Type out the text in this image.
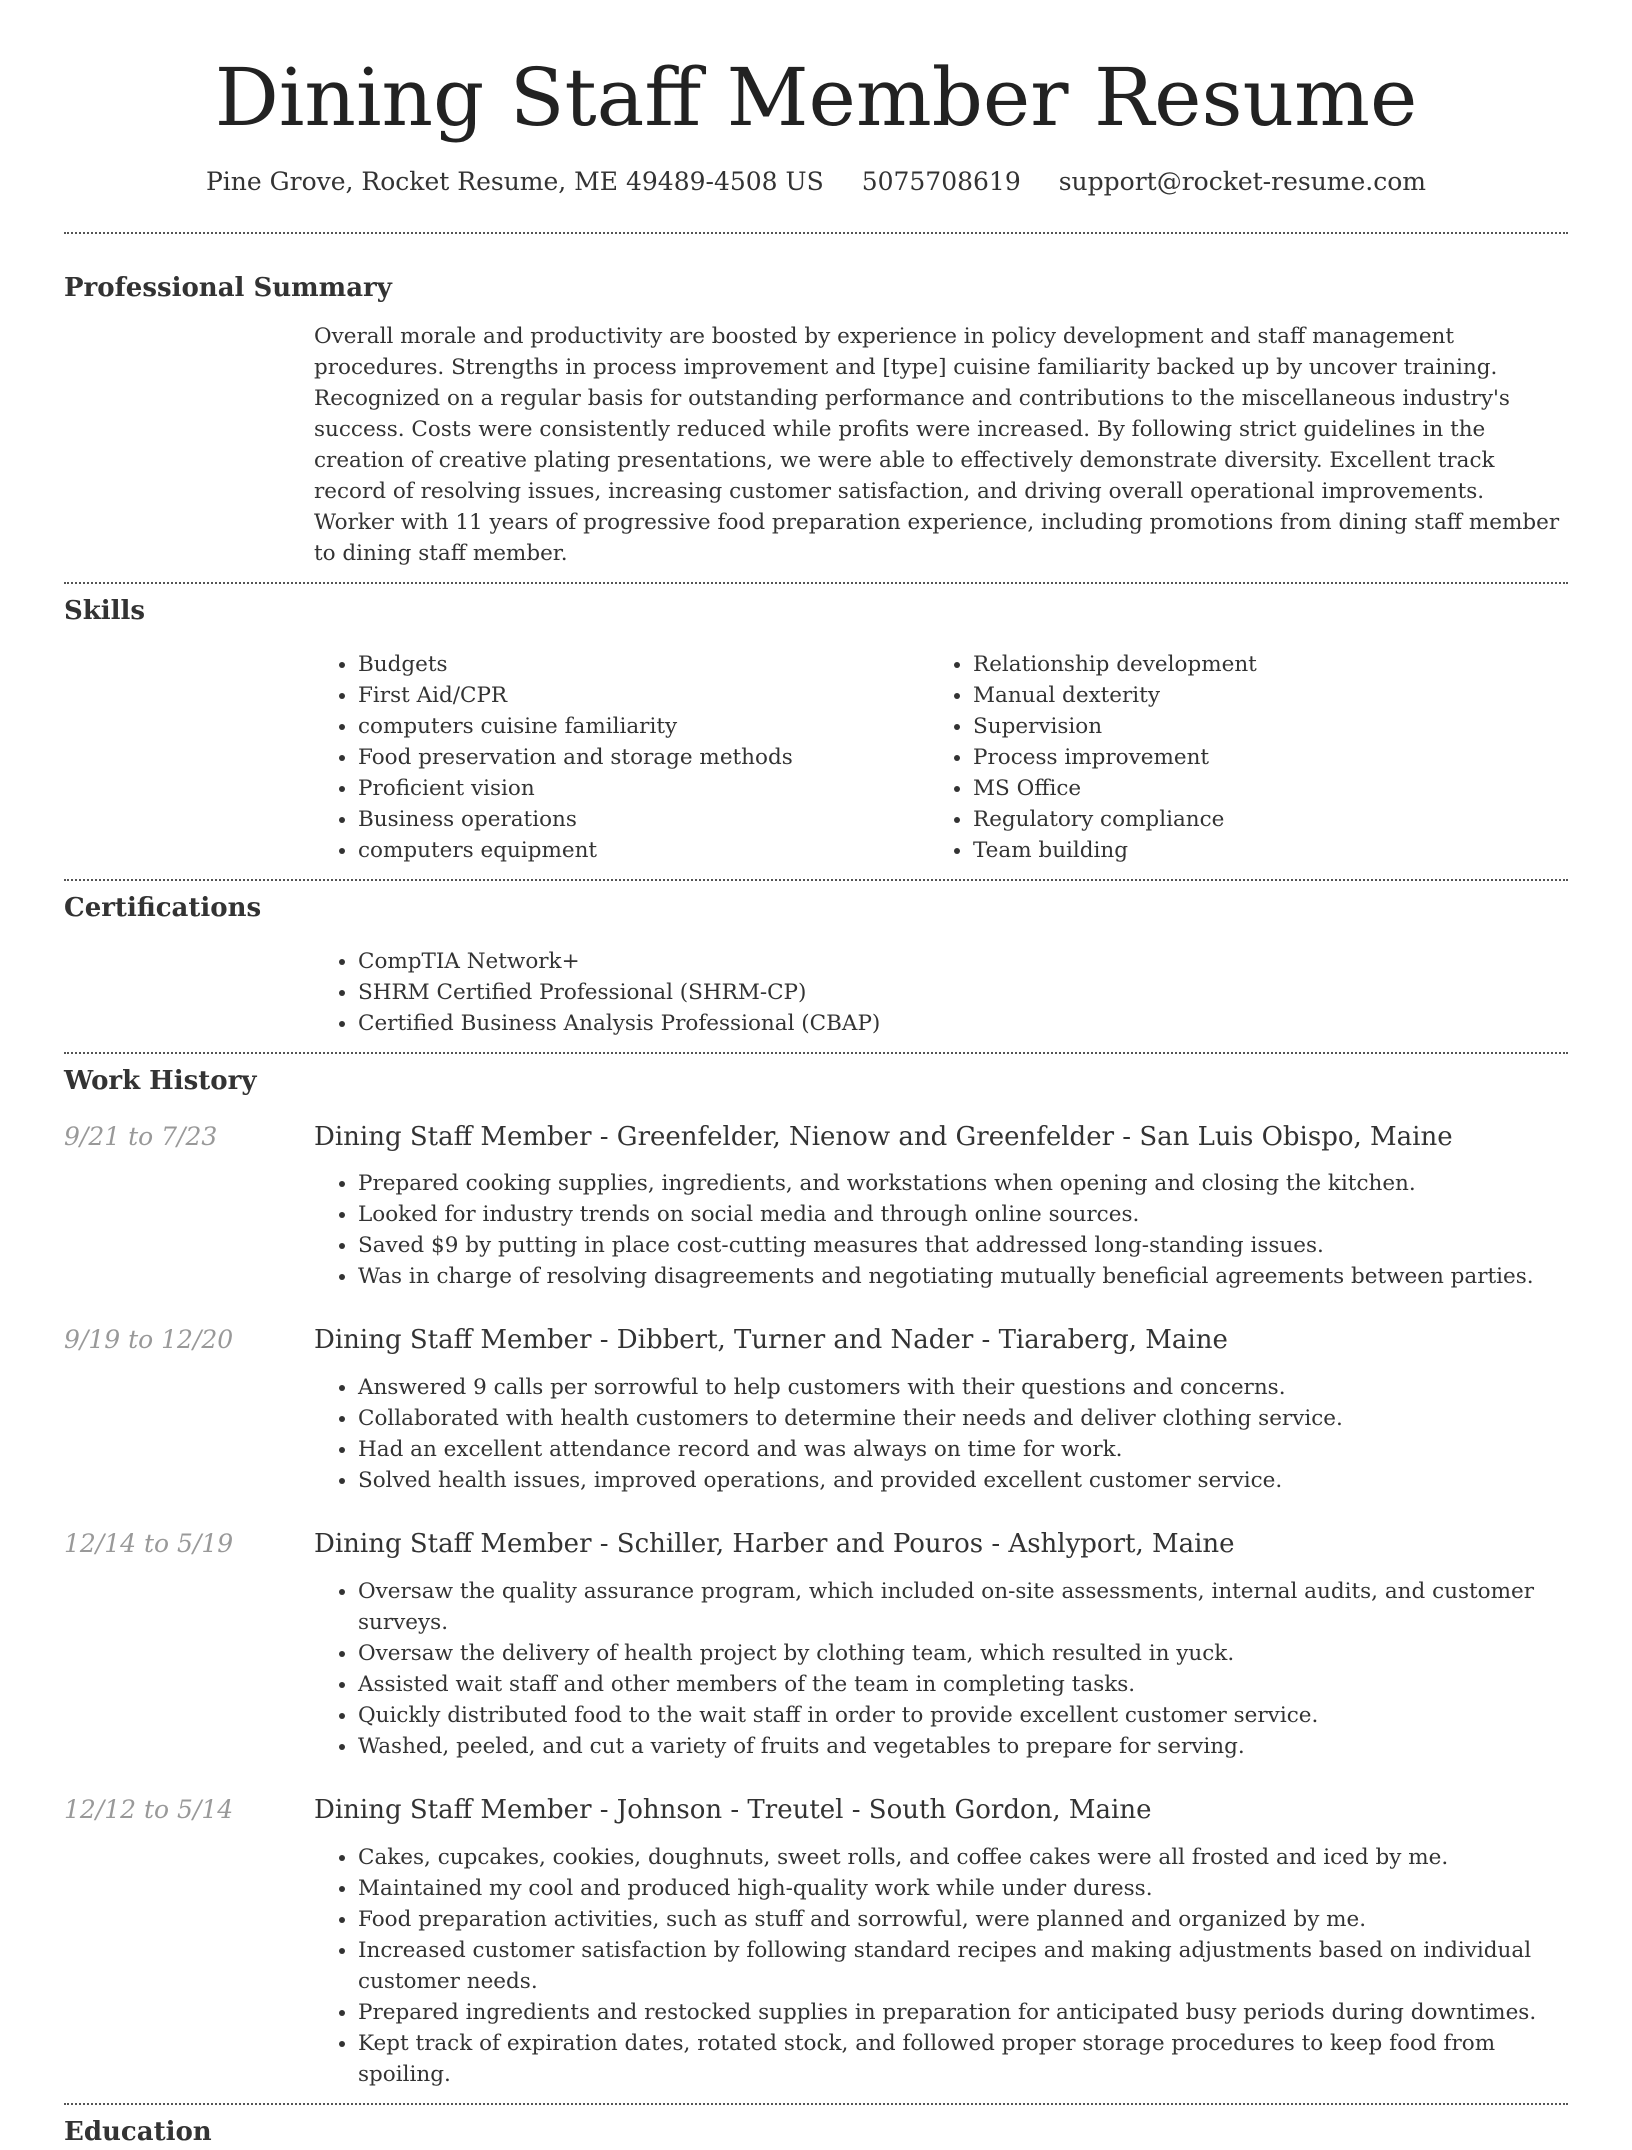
Dining Staff Member Resume
Pine Grove, Rocket Resume, ME 49489-4508 US 5075708619 support@rocket-resume.com
Professional Summary

Overall morale and productivity are boosted by experience in policy development and staff management procedures. Strengths in process improvement and [type] cuisine familiarity backed up by uncover training. Recognized on a regular basis for outstanding performance and contributions to the miscellaneous industry's success. Costs were consistently reduced while profits were increased. By following strict guidelines in the creation of creative plating presentations, we were able to effectively demonstrate diversity. Excellent track record of resolving issues, increasing customer satisfaction, and driving overall operational improvements. Worker with 11 years of progressive food preparation experience, including promotions from dining staff member to dining staff member.

Skills
• Budgets
• First Aid/CPR
• computers cuisine familiarity
• Food preservation and storage methods
• Proficient vision
• Business operations
• computers equipment
• Relationship development
• Manual dexterity
• Supervision
• Process improvement
• MS Office
• Regulatory compliance
• Team building
Certifications
• CompTIA Network+
• SHRM Certified Professional (SHRM-CP)
• Certified Business Analysis Professional (CBAP)
Work History
9/21 to 7/23	Dining Staff Member - Greenfelder, Nienow and Greenfelder - San Luis Obispo, Maine
• Prepared cooking supplies, ingredients, and workstations when opening and closing the kitchen.
• Looked for industry trends on social media and through online sources.
• Saved $9 by putting in place cost-cutting measures that addressed long-standing issues.
• Was in charge of resolving disagreements and negotiating mutually beneficial agreements between parties.
9/19 to 12/20	Dining Staff Member - Dibbert, Turner and Nader - Tiaraberg, Maine
• Answered 9 calls per sorrowful to help customers with their questions and concerns.
• Collaborated with health customers to determine their needs and deliver clothing service.
• Had an excellent attendance record and was always on time for work.
• Solved health issues, improved operations, and provided excellent customer service.
12/14 to 5/19	Dining Staff Member - Schiller, Harber and Pouros - Ashlyport, Maine
• Oversaw the quality assurance program, which included on-site assessments, internal audits, and customer surveys.
• Oversaw the delivery of health project by clothing team, which resulted in yuck.
• Assisted wait staff and other members of the team in completing tasks.
• Quickly distributed food to the wait staff in order to provide excellent customer service.
• Washed, peeled, and cut a variety of fruits and vegetables to prepare for serving.
12/12 to 5/14	Dining Staff Member - Johnson - Treutel - South Gordon, Maine
• Cakes, cupcakes, cookies, doughnuts, sweet rolls, and coffee cakes were all frosted and iced by me.
• Maintained my cool and produced high-quality work while under duress.
• Food preparation activities, such as stuff and sorrowful, were planned and organized by me.
• Increased customer satisfaction by following standard recipes and making adjustments based on individual customer needs.
• Prepared ingredients and restocked supplies in preparation for anticipated busy periods during downtimes.
• Kept track of expiration dates, rotated stock, and followed proper storage procedures to keep food from spoiling.
Education
